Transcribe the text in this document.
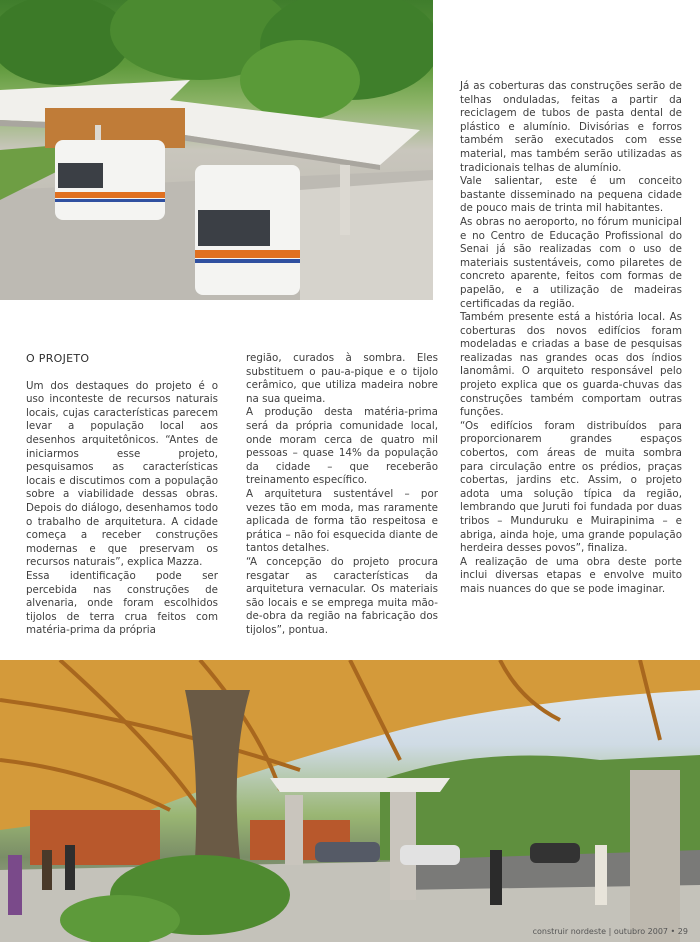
O PROJETO

Um dos destaques do projeto é o uso inconteste de recursos naturais locais, cujas características parecem levar a população local aos desenhos arquitetônicos. “Antes de iniciarmos esse projeto, pesquisamos as características locais e discutimos com a população sobre a viabilidade dessas obras. Depois do diálogo, desenhamos todo o trabalho de arquitetura. A cidade começa a receber construções modernas e que preservam os recursos naturais”, explica Mazza.

Essa identificação pode ser percebida nas construções de alvenaria, onde foram escolhidos tijolos de terra crua feitos com matéria-prima da própria

região, curados à sombra. Eles substituem o pau-a-pique e o tijolo cerâmico, que utiliza madeira nobre na sua queima.

A produção desta matéria-prima será da própria comunidade local, onde moram cerca de quatro mil pessoas – quase 14% da população da cidade – que receberão treinamento específico.

A arquitetura sustentável – por vezes tão em moda, mas raramente aplicada de forma tão respeitosa e prática – não foi esquecida diante de tantos detalhes.

“A concepção do projeto procura resgatar as características da arquitetura vernacular. Os materiais são locais e se emprega muita mão-de-obra da região na fabricação dos tijolos”, pontua.

Já as coberturas das construções serão de telhas onduladas, feitas a partir da reciclagem de tubos de pasta dental de plástico e alumínio. Divisórias e forros também serão executados com esse material, mas também serão utilizadas as tradicionais telhas de alumínio.

Vale salientar, este é um conceito bastante disseminado na pequena cidade de pouco mais de trinta mil habitantes.

As obras no aeroporto, no fórum municipal e no Centro de Educação Profissional do Senai já são realizadas com o uso de materiais sustentáveis, como pilaretes de concreto aparente, feitos com formas de papelão, e a utilização de madeiras certificadas da região.

Também presente está a história local. As coberturas dos novos edifícios foram modeladas e criadas a base de pesquisas realizadas nas grandes ocas dos índios Ianomâmi. O arquiteto responsável pelo projeto explica que os guarda-chuvas das construções também comportam outras funções.

“Os edifícios foram distribuídos para proporcionarem grandes espaços cobertos, com áreas de muita sombra para circulação entre os prédios, praças cobertas, jardins etc. Assim, o projeto adota uma solução típica da região, lembrando que Juruti foi fundada por duas tribos – Munduruku e Muirapinima – e abriga, ainda hoje, uma grande população herdeira desses povos”, finaliza.

A realização de uma obra deste porte inclui diversas etapas e envolve muito mais nuances do que se pode imaginar.

construir nordeste | outubro 2007 • 29
